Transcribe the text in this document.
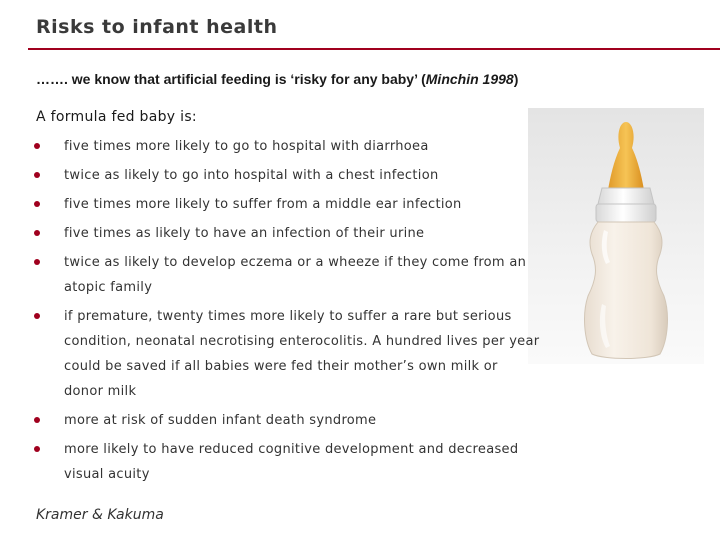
Risks to infant health
……. we know that artificial feeding is ‘risky for any baby’ (Minchin 1998)
A formula fed baby is:
five times more likely to go to hospital with diarrhoea
twice as likely to go into hospital with a chest infection
five times more likely to suffer from a middle ear infection
five times as likely to have an infection of their urine
twice as likely to develop eczema or a wheeze if they come from an atopic family
if premature, twenty times more likely to suffer a rare but serious condition, neonatal necrotising enterocolitis. A hundred lives per year could be saved if all babies were fed their mother’s own milk or donor milk
more at risk of sudden infant death syndrome
more likely to have reduced cognitive development and decreased visual acuity
Kramer & Kakuma
